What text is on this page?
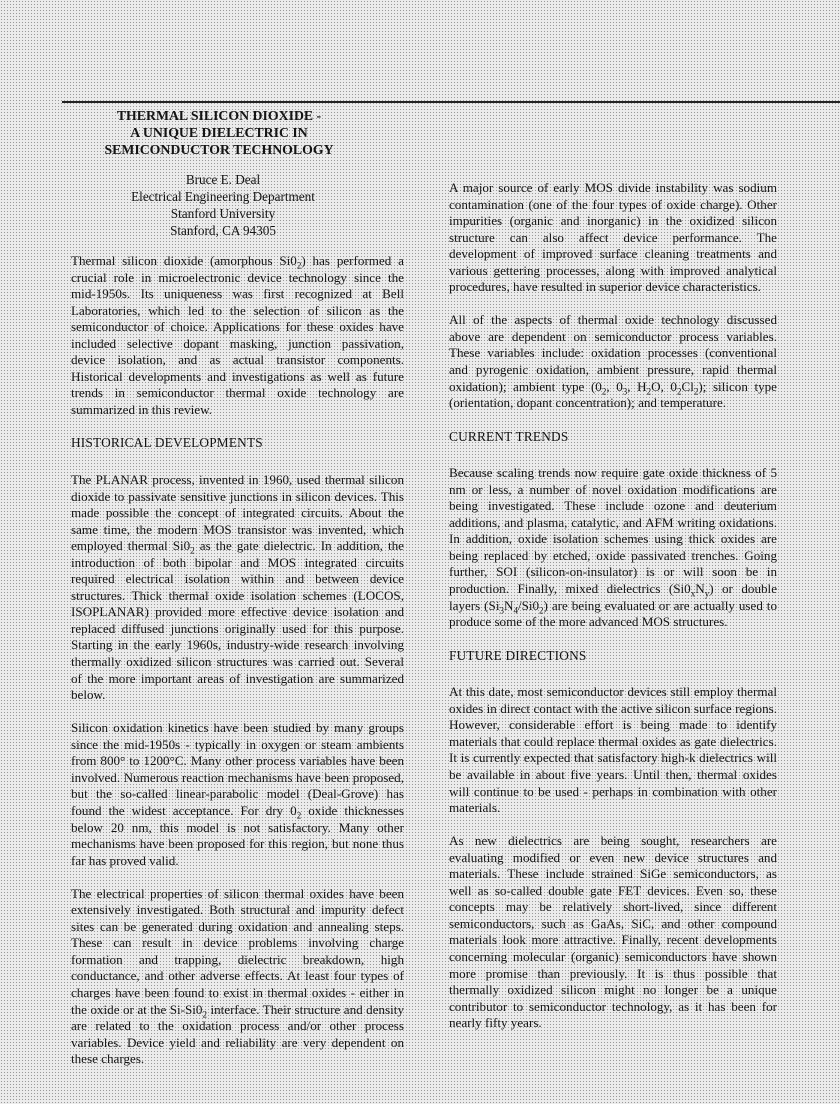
THERMAL SILICON DIOXIDE -
A UNIQUE DIELECTRIC IN
SEMICONDUCTOR TECHNOLOGY
Bruce E. Deal
Electrical Engineering Department
Stanford University
Stanford, CA 94305

Thermal silicon dioxide (amorphous $Si0_2$) has performed a crucial role in microelectronic device technology since the mid-1950s. Its uniqueness was first recognized at Bell Laboratories, which led to the selection of silicon as the semiconductor of choice. Applications for these oxides have included selective dopant masking, junction passivation, device isolation, and as actual transistor components. Historical developments and investigations as well as future trends in semiconductor thermal oxide technology are summarized in this review.

HISTORICAL DEVELOPMENTS

The PLANAR process, invented in 1960, used thermal silicon dioxide to passivate sensitive junctions in silicon devices. This made possible the concept of integrated circuits. About the same time, the modern MOS transistor was invented, which employed thermal $Si0_2$ as the gate dielectric. In addition, the introduction of both bipolar and MOS integrated circuits required electrical isolation within and between device structures. Thick thermal oxide isolation schemes (LOCOS, ISOPLANAR) provided more effective device isolation and replaced diffused junctions originally used for this purpose. Starting in the early 1960s, industry-wide research involving thermally oxidized silicon structures was carried out. Several of the more important areas of investigation are summarized below.

Silicon oxidation kinetics have been studied by many groups since the mid-1950s - typically in oxygen or steam ambients from 800° to 1200°C. Many other process variables have been involved. Numerous reaction mechanisms have been proposed, but the so-called linear-parabolic model (Deal-Grove) has found the widest acceptance. For dry $0_2$ oxide thicknesses below 20 nm, this model is not satisfactory. Many other mechanisms have been proposed for this region, but none thus far has proved valid.

The electrical properties of silicon thermal oxides have been extensively investigated. Both structural and impurity defect sites can be generated during oxidation and annealing steps. These can result in device problems involving charge formation and trapping, dielectric breakdown, high conductance, and other adverse effects. At least four types of charges have been found to exist in thermal oxides - either in the oxide or at the $Si-Si0_2$ interface. Their structure and density are related to the oxidation process and/or other process variables. Device yield and reliability are very dependent on these charges.

A major source of early MOS divide instability was sodium contamination (one of the four types of oxide charge). Other impurities (organic and inorganic) in the oxidized silicon structure can also affect device performance. The development of improved surface cleaning treatments and various gettering processes, along with improved analytical procedures, have resulted in superior device characteristics.

All of the aspects of thermal oxide technology discussed above are dependent on semiconductor process variables. These variables include: oxidation processes (conventional and pyrogenic oxidation, ambient pressure, rapid thermal oxidation); ambient type ($0_2$, $0_3$, $H_2O$, $0_2Cl_2$); silicon type (orientation, dopant concentration); and temperature.

CURRENT TRENDS

Because scaling trends now require gate oxide thickness of 5 nm or less, a number of novel oxidation modifications are being investigated. These include ozone and deuterium additions, and plasma, catalytic, and AFM writing oxidations. In addition, oxide isolation schemes using thick oxides are being replaced by etched, oxide passivated trenches. Going further, SOI (silicon-on-insulator) is or will soon be in production. Finally, mixed dielectrics $(Si0_xN_y)$ or double layers $(Si_3N_4/Si0_2)$ are being evaluated or are actually used to produce some of the more advanced MOS structures.

FUTURE DIRECTIONS

At this date, most semiconductor devices still employ thermal oxides in direct contact with the active silicon surface regions. However, considerable effort is being made to identify materials that could replace thermal oxides as gate dielectrics. It is currently expected that satisfactory high-k dielectrics will be available in about five years. Until then, thermal oxides will continue to be used - perhaps in combination with other materials.

As new dielectrics are being sought, researchers are evaluating modified or even new device structures and materials. These include strained SiGe semiconductors, as well as so-called double gate FET devices. Even so, these concepts may be relatively short-lived, since different semiconductors, such as GaAs, SiC, and other compound materials look more attractive. Finally, recent developments concerning molecular (organic) semiconductors have shown more promise than previously. It is thus possible that thermally oxidized silicon might no longer be a unique contributor to semiconductor technology, as it has been for nearly fifty years.
